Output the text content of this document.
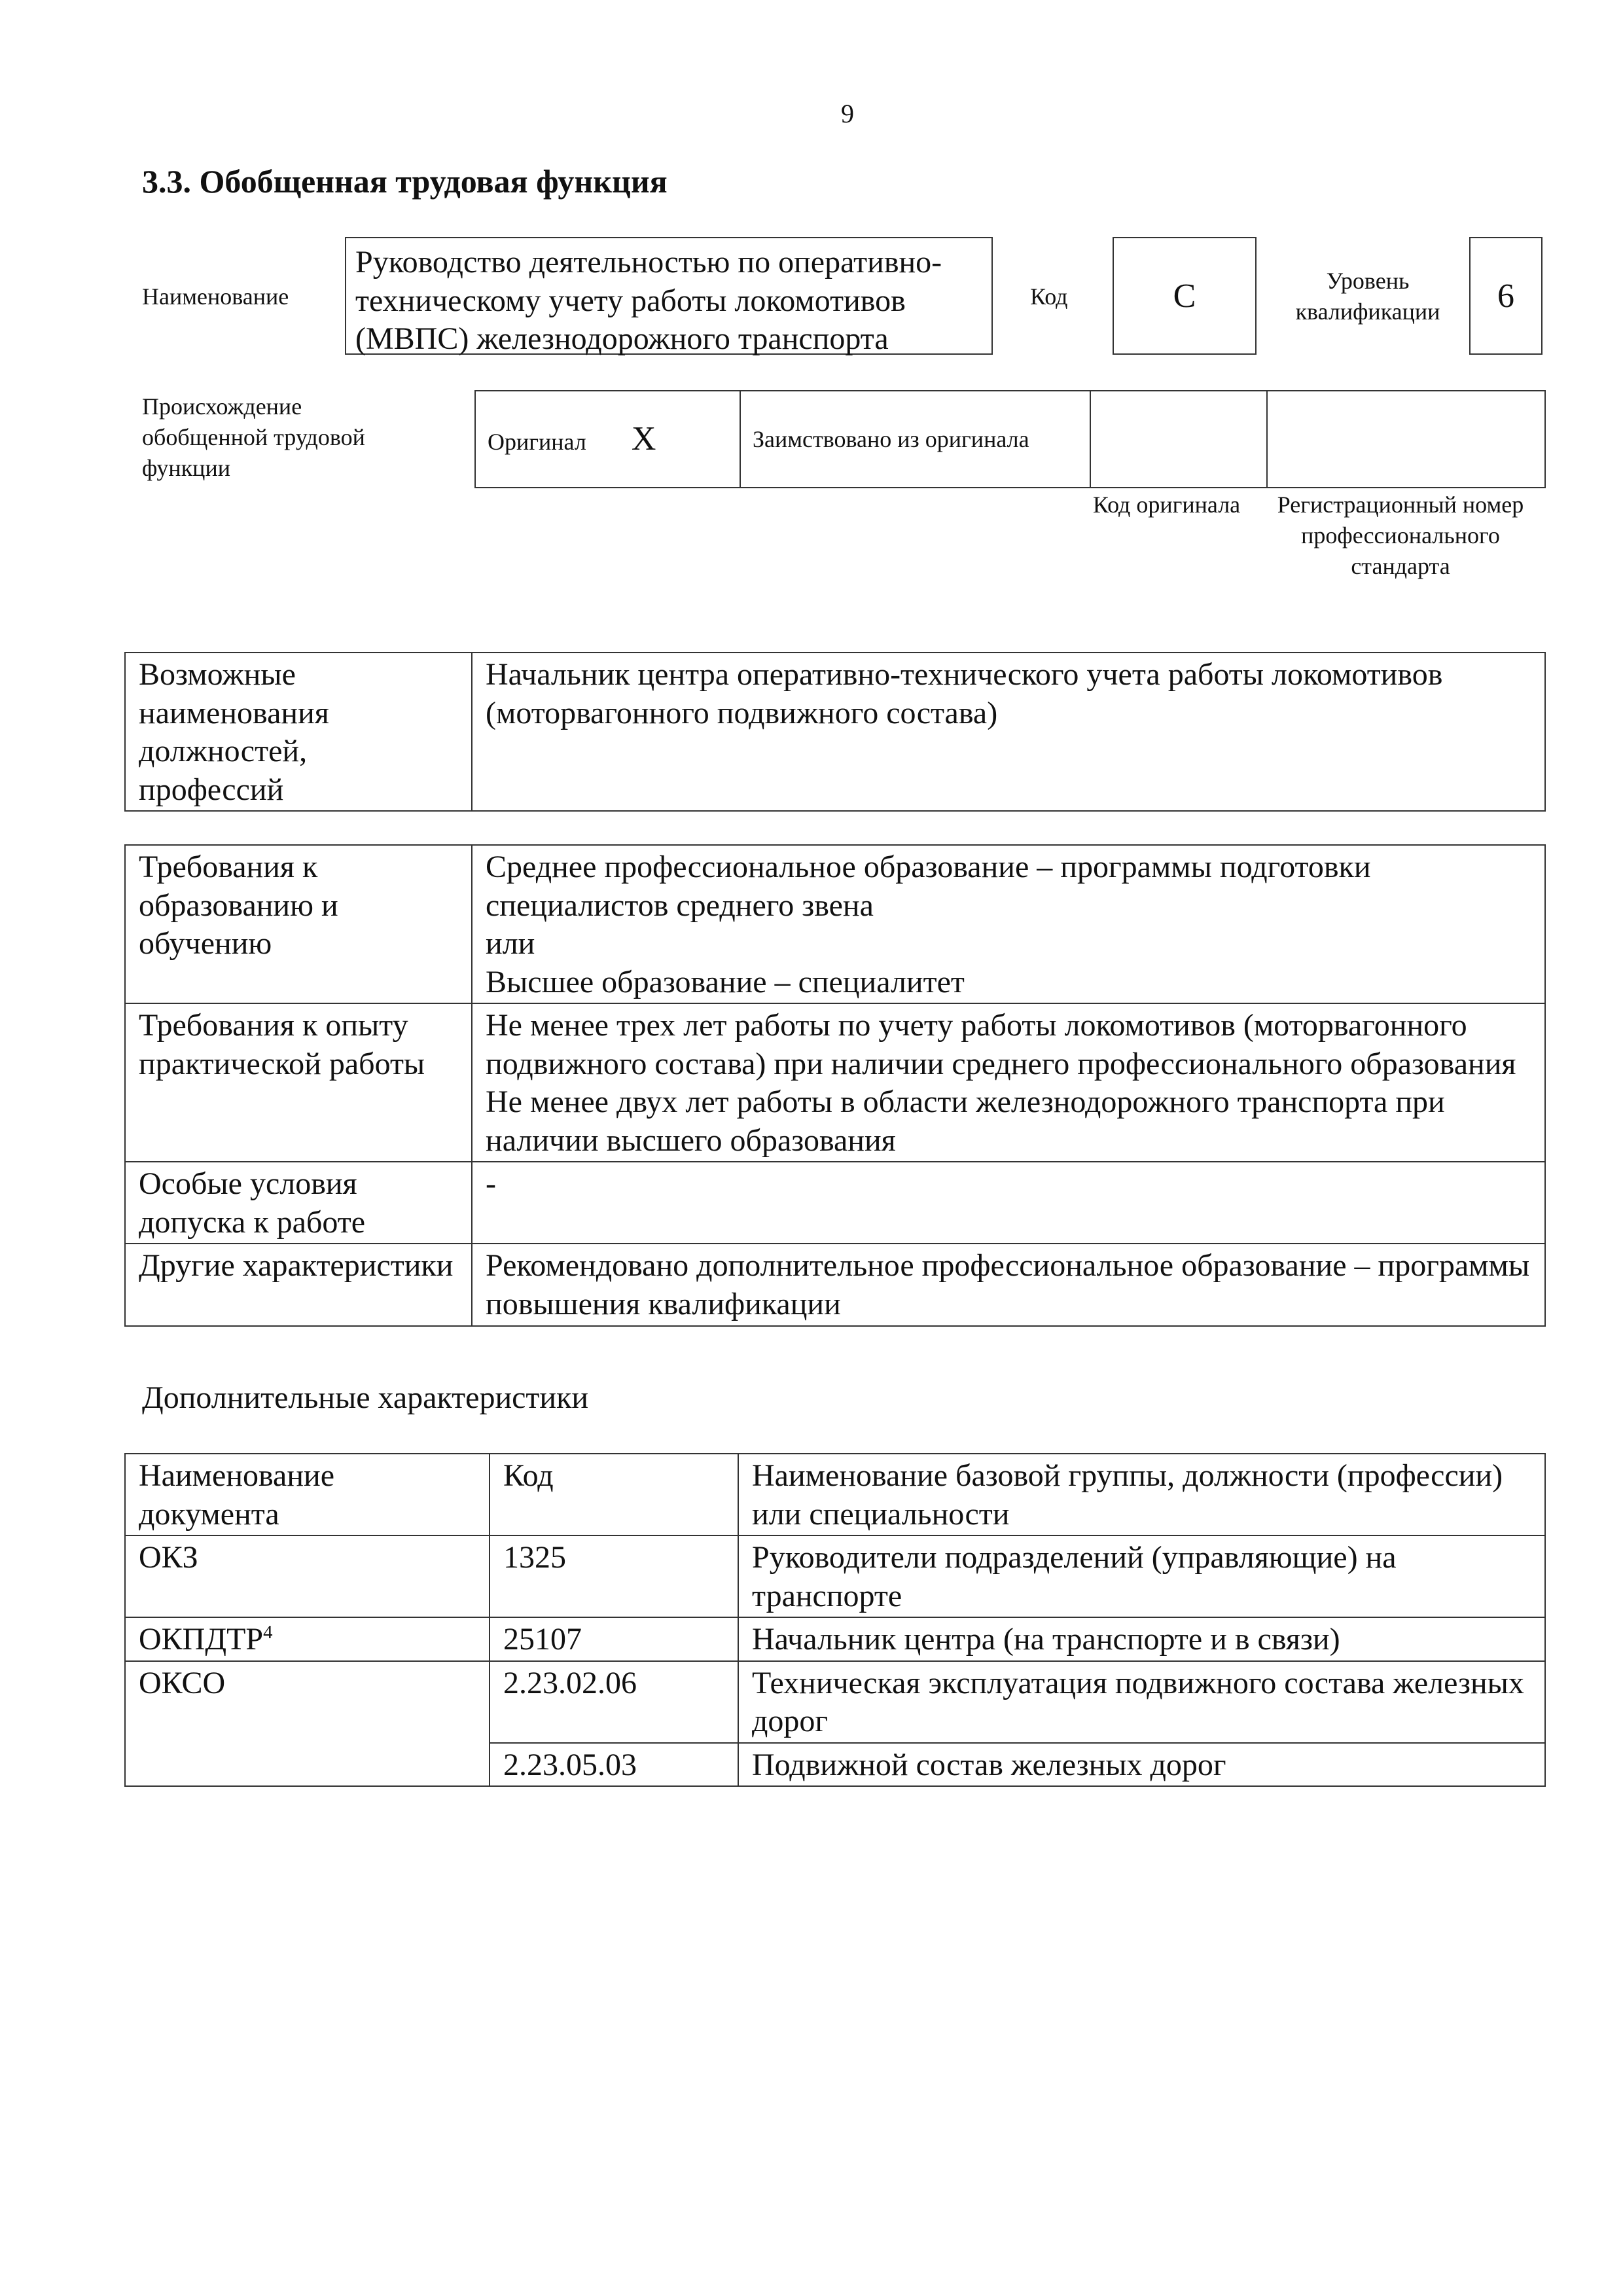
9
3.3. Обобщенная трудовая функция
Наименование
Руководство деятельностью по оперативно-техническому учету работы локомотивов (МВПС) железнодорожного транспорта
Код	C	Уровень квалификации	6
Происхождение обобщенной трудовой функции
Оригинал X	Заимствовано из оригинала		
Код оригинала	Регистрационный номер профессионального стандарта
Возможные наименования должностей, профессий	Начальник центра оперативно-технического учета работы локомотивов (моторвагонного подвижного состава)
Требования к образованию и обучению	Среднее профессиональное образование – программы подготовки специалистов среднего звена
или
Высшее образование – специалитет

Требования к опыту практической работы	Не менее трех лет работы по учету работы локомотивов (моторвагонного подвижного состава) при наличии среднего профессионального образования
Не менее двух лет работы в области железнодорожного транспорта при наличии высшего образования

Особые условия допуска к работе	-

Другие характеристики	Рекомендовано дополнительное профессиональное образование – программы повышения квалификации
Дополнительные характеристики
Наименование документа	Код	Наименование базовой группы, должности (профессии) или специальности
ОКЗ	1325	Руководители подразделений (управляющие) на транспорте
ОКПДТР$^4$	25107	Начальник центра (на транспорте и в связи)
ОКСО	2.23.02.06	Техническая эксплуатация подвижного состава железных дорог
	2.23.05.03	Подвижной состав железных дорог
